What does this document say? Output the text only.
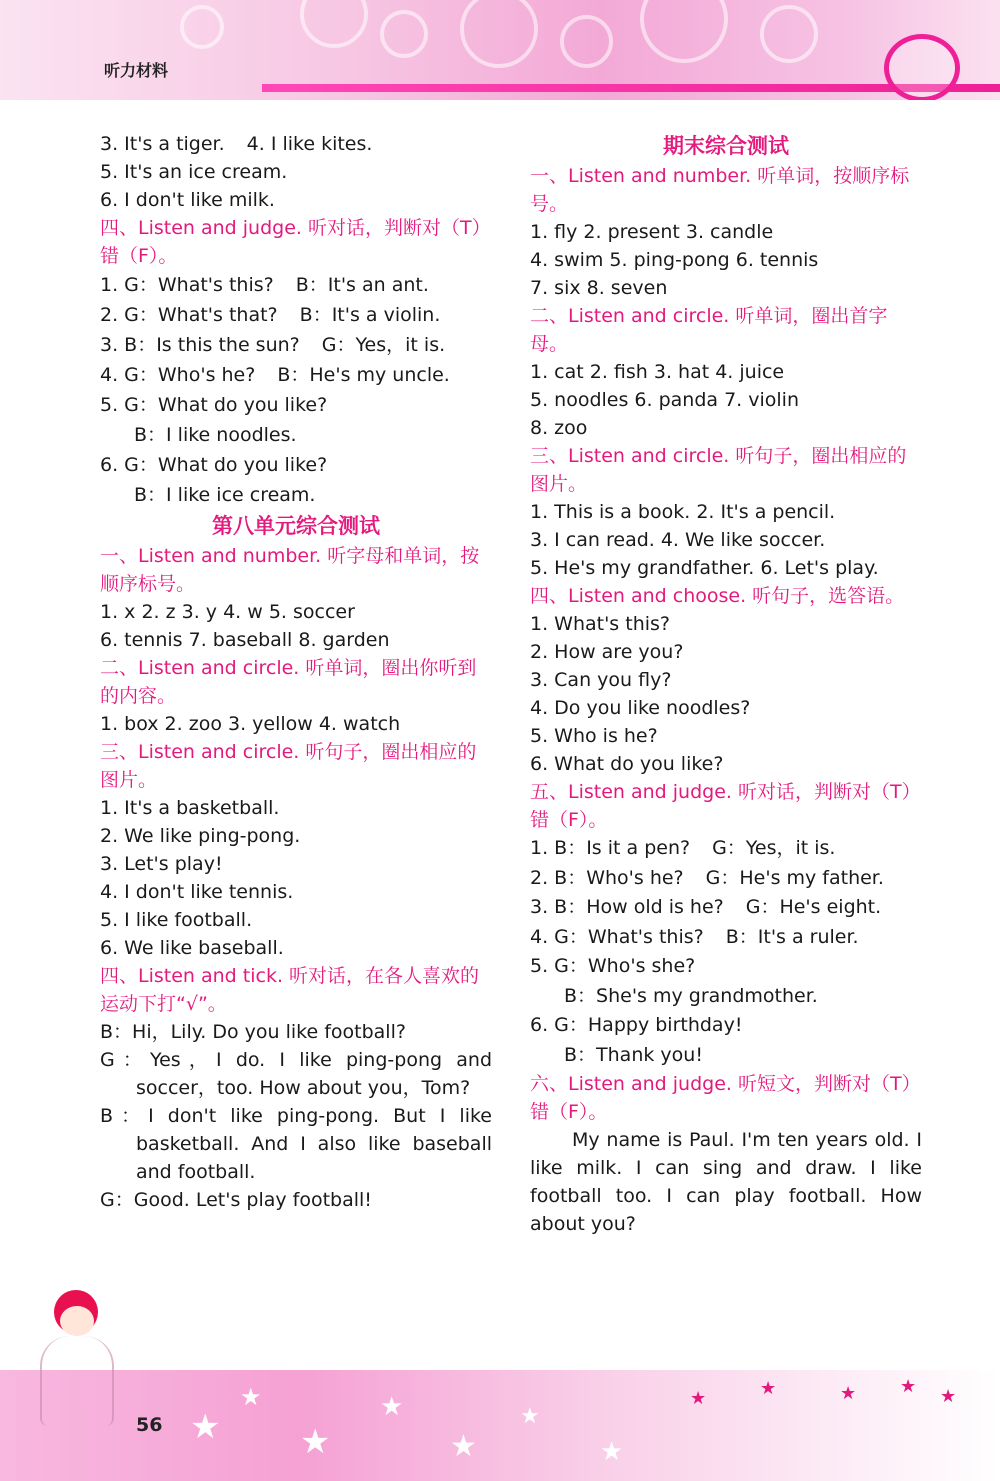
听力材料
3. It's a tiger. 4. I like kites.
5. It's an ice cream.
6. I don't like milk.
四、Listen and judge. 听对话，判断对（T）错（F）。
1. G：What's this? B：It's an ant.
2. G：What's that? B：It's a violin.
3. B：Is this the sun? G：Yes，it is.
4. G：Who's he? B：He's my uncle.
5. G：What do you like?
B：I like noodles.
6. G：What do you like?
B：I like ice cream.
第八单元综合测试
一、Listen and number. 听字母和单词，按顺序标号。
1. x 2. z 3. y 4. w 5. soccer
6. tennis 7. baseball 8. garden
二、Listen and circle. 听单词，圈出你听到的内容。
1. box 2. zoo 3. yellow 4. watch
三、Listen and circle. 听句子，圈出相应的图片。
1. It's a basketball.
2. We like ping-pong.
3. Let's play!
4. I don't like tennis.
5. I like football.
6. We like baseball.
四、Listen and tick. 听对话，在各人喜欢的运动下打“√”。
B：Hi，Lily. Do you like football?
G：Yes，I do. I like ping-pong and soccer，too. How about you，Tom?
B：I don't like ping-pong. But I like basketball. And I also like baseball and football.
G：Good. Let's play football!
期末综合测试
一、Listen and number. 听单词，按顺序标号。
1. fly 2. present 3. candle
4. swim 5. ping-pong 6. tennis
7. six 8. seven
二、Listen and circle. 听单词，圈出首字母。
1. cat 2. fish 3. hat 4. juice
5. noodles 6. panda 7. violin
8. zoo
三、Listen and circle. 听句子，圈出相应的图片。
1. This is a book. 2. It's a pencil.
3. I can read. 4. We like soccer.
5. He's my grandfather. 6. Let's play.
四、Listen and choose. 听句子，选答语。
1. What's this?
2. How are you?
3. Can you fly?
4. Do you like noodles?
5. Who is he?
6. What do you like?
五、Listen and judge. 听对话，判断对（T）错（F）。
1. B：Is it a pen? G：Yes，it is.
2. B：Who's he? G：He's my father.
3. B：How old is he? G：He's eight.
4. G：What's this? B：It's a ruler.
5. G：Who's she?
B：She's my grandmother.
6. G：Happy birthday!
B：Thank you!
六、Listen and judge. 听短文，判断对（T）错（F）。
My name is Paul. I'm ten years old. I like milk. I can sing and draw. I like football too. I can play football. How about you?
★
★
★
★
★
★
★
★	★	★ ★ ★
56
